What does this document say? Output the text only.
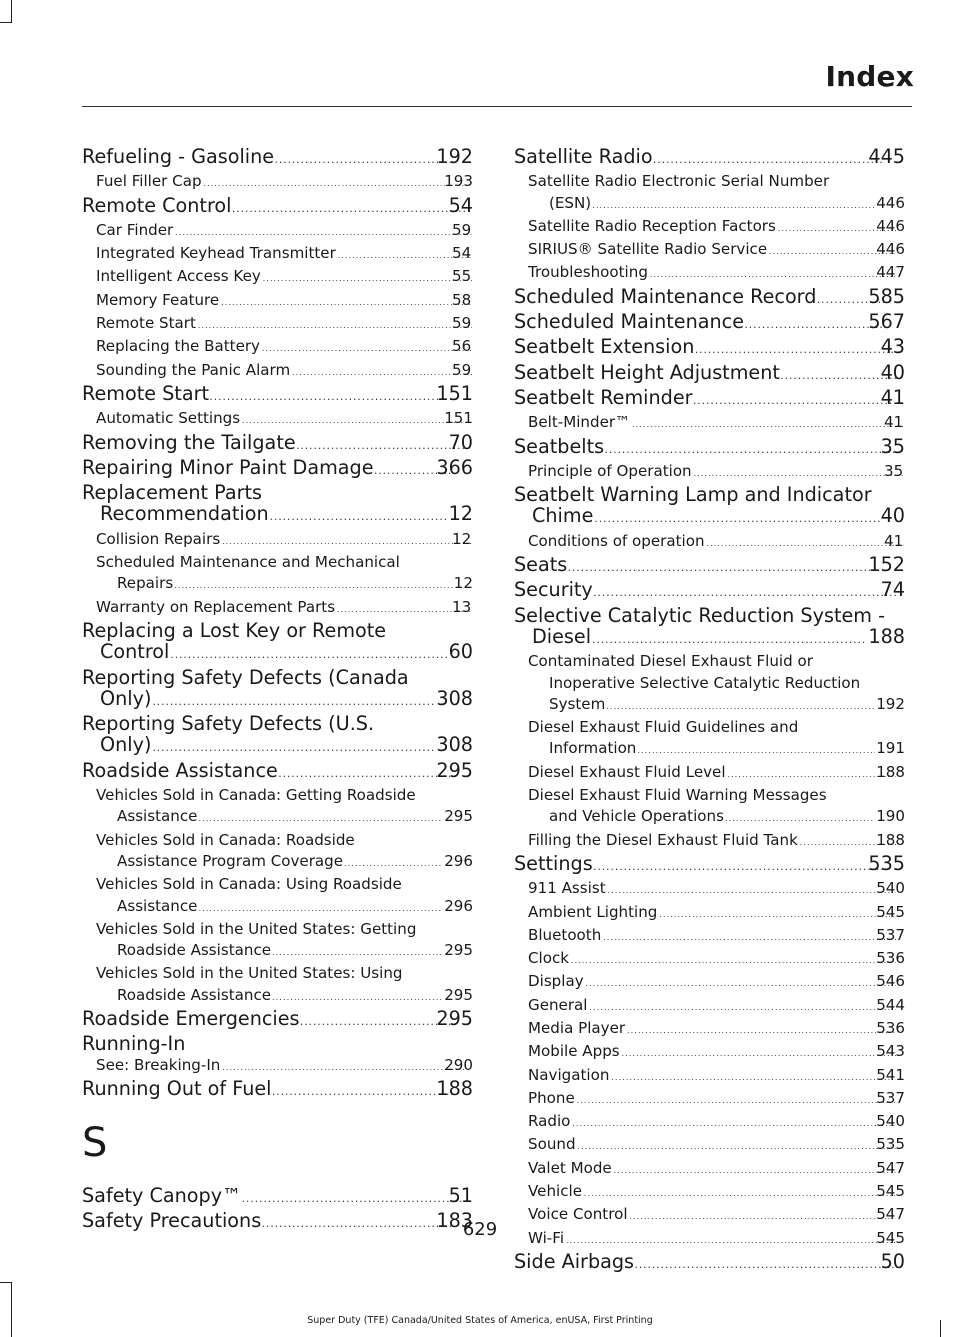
Index
Refueling - Gasoline .....	192
Fuel Filler Cap .....	193
Remote Control .....	54
Car Finder .....	59
Integrated Keyhead Transmitter .....	54
Intelligent Access Key .....	55
Memory Feature .....	58
Remote Start .....	59
Replacing the Battery .....	56
Sounding the Panic Alarm .....	59
Remote Start .....	151
Automatic Settings .....	151
Removing the Tailgate .....	70
Repairing Minor Paint Damage .....	366
Replacement Parts
Recommendation .....	12
Collision Repairs .....	12
Scheduled Maintenance and Mechanical
Repairs .....	12
Warranty on Replacement Parts .....	13
Replacing a Lost Key or Remote
Control .....	60
Reporting Safety Defects (Canada
Only) .....	308
Reporting Safety Defects (U.S.
Only) .....	308
Roadside Assistance .....	295
Vehicles Sold in Canada: Getting Roadside
Assistance .....	295
Vehicles Sold in Canada: Roadside
Assistance Program Coverage .....	296
Vehicles Sold in Canada: Using Roadside
Assistance .....	296
Vehicles Sold in the United States: Getting
Roadside Assistance .....	295
Vehicles Sold in the United States: Using
Roadside Assistance .....	295
Roadside Emergencies .....	295
Running-In
See: Breaking-In .....	290
Running Out of Fuel .....	188
S
Safety Canopy™ .....	51
Safety Precautions .....	183
Satellite Radio .....	445
Satellite Radio Electronic Serial Number
(ESN) .....	446
Satellite Radio Reception Factors .....	446
SIRIUS® Satellite Radio Service .....	446
Troubleshooting .....	447
Scheduled Maintenance Record .....	585
Scheduled Maintenance .....	567
Seatbelt Extension .....	43
Seatbelt Height Adjustment .....	40
Seatbelt Reminder .....	41
Belt-Minder™ .....	41
Seatbelts .....	35
Principle of Operation .....	35
Seatbelt Warning Lamp and Indicator
Chime .....	40
Conditions of operation .....	41
Seats .....	152
Security .....	74
Selective Catalytic Reduction System -
Diesel .....	188
Contaminated Diesel Exhaust Fluid or
Inoperative Selective Catalytic Reduction
System .....	192
Diesel Exhaust Fluid Guidelines and
Information .....	191
Diesel Exhaust Fluid Level .....	188
Diesel Exhaust Fluid Warning Messages
and Vehicle Operations .....	190
Filling the Diesel Exhaust Fluid Tank .....	188
Settings .....	535
911 Assist .....	540
Ambient Lighting .....	545
Bluetooth .....	537
Clock .....	536
Display .....	546
General .....	544
Media Player .....	536
Mobile Apps .....	543
Navigation .....	541
Phone .....	537
Radio .....	540
Sound .....	535
Valet Mode .....	547
Vehicle .....	545
Voice Control .....	547
Wi-Fi .....	545
Side Airbags .....	50
629
Super Duty (TFE) Canada/United States of America, enUSA, First Printing
